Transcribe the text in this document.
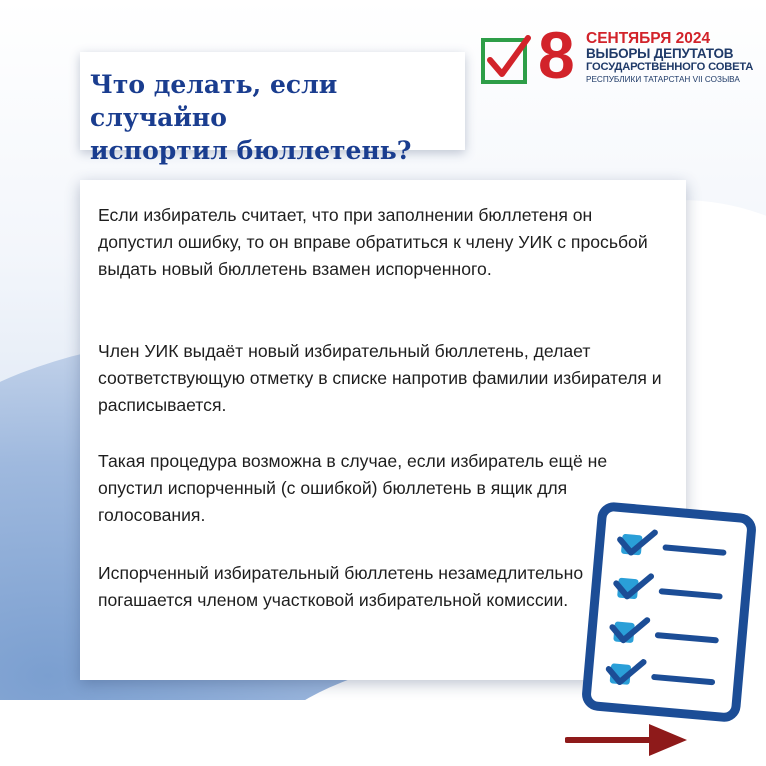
Что делать, если случайно
испортил бюллетень?
8 СЕНТЯБРЯ 2024
ВЫБОРЫ ДЕПУТАТОВ
ГОСУДАРСТВЕННОГО СОВЕТА
РЕСПУБЛИКИ ТАТАРСТАН VII СОЗЫВА
Если избиратель считает, что при заполнении бюллетеня он допустил ошибку, то он вправе обратиться к члену УИК с просьбой выдать новый бюллетень взамен испорченного.
Член УИК выдаёт новый избирательный бюллетень, делает соответствующую отметку в списке напротив фамилии избирателя и расписывается.
Такая процедура возможна в случае, если избиратель ещё не опустил испорченный (с ошибкой) бюллетень в ящик для голосования.
Испорченный избирательный бюллетень незамедлительно погашается членом участковой избирательной комиссии.
